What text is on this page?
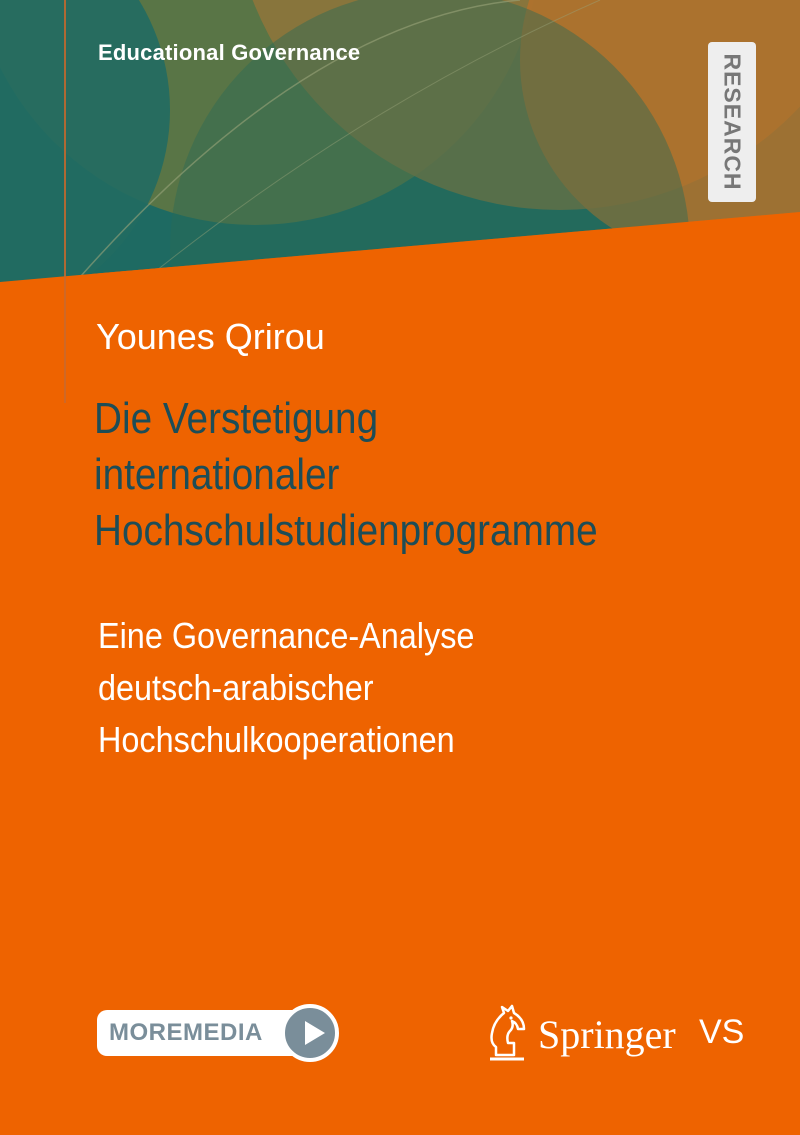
Educational Governance
RESEARCH
Younes Qrirou
Die Verstetigung
internationaler
Hochschulstudienprogramme
Eine Governance-Analyse
deutsch-arabischer
Hochschulkooperationen
MOREMEDIA	Springer VS
